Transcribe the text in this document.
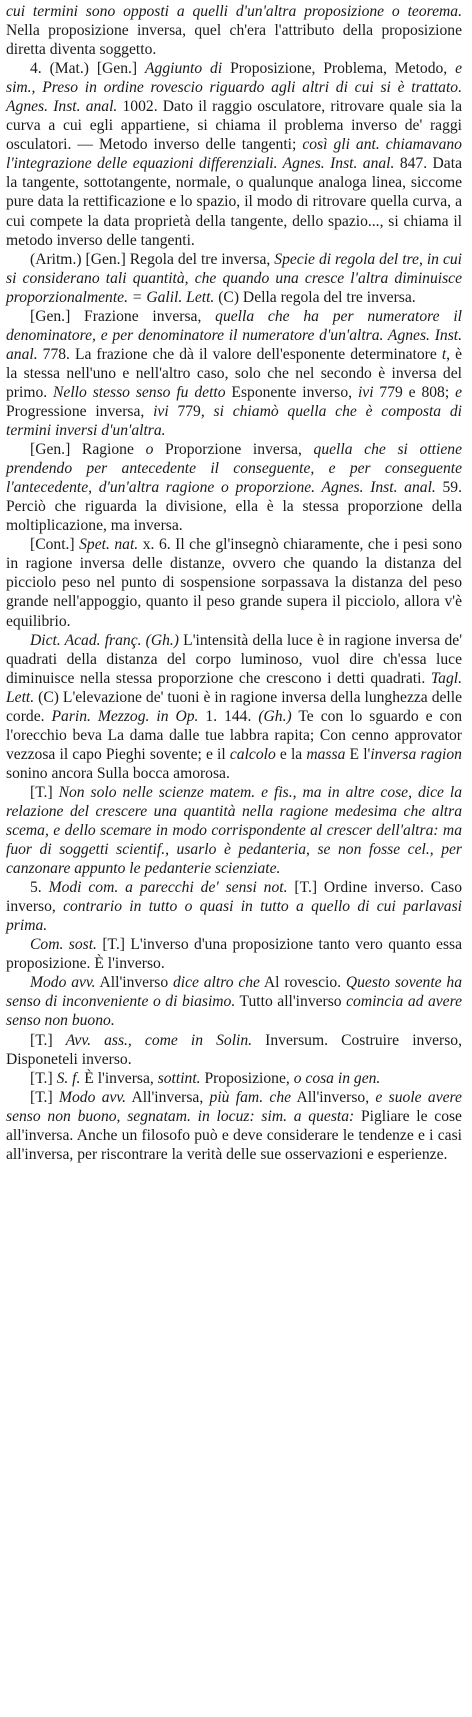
cui termini sono opposti a quelli d'un'altra proposizione o teorema. Nella proposizione inversa, quel ch'era l'attributo della proposizione diretta diventa soggetto.

4. (Mat.) [Gen.] Aggiunto di Proposizione, Problema, Metodo, e sim., Preso in ordine rovescio riguardo agli altri di cui si è trattato. Agnes. Inst. anal. 1002. Dato il raggio osculatore, ritrovare quale sia la curva a cui egli appartiene, si chiama il problema inverso de' raggi osculatori. — Metodo inverso delle tangenti; così gli ant. chiamavano l'integrazione delle equazioni differenziali. Agnes. Inst. anal. 847. Data la tangente, sottotangente, normale, o qualunque analoga linea, siccome pure data la rettificazione e lo spazio, il modo di ritrovare quella curva, a cui compete la data proprietà della tangente, dello spazio..., si chiama il metodo inverso delle tangenti.

(Aritm.) [Gen.] Regola del tre inversa, Specie di regola del tre, in cui si considerano tali quantità, che quando una cresce l'altra diminuisce proporzionalmente. = Galil. Lett. (C) Della regola del tre inversa.

[Gen.] Frazione inversa, quella che ha per numeratore il denominatore, e per denominatore il numeratore d'un'altra. Agnes. Inst. anal. 778. La frazione che dà il valore dell'esponente determinatore t, è la stessa nell'uno e nell'altro caso, solo che nel secondo è inversa del primo. Nello stesso senso fu detto Esponente inverso, ivi 779 e 808; e Progressione inversa, ivi 779, si chiamò quella che è composta di termini inversi d'un'altra.

[Gen.] Ragione o Proporzione inversa, quella che si ottiene prendendo per antecedente il conseguente, e per conseguente l'antecedente, d'un'altra ragione o proporzione. Agnes. Inst. anal. 59. Perciò che riguarda la divisione, ella è la stessa proporzione della moltiplicazione, ma inversa.

[Cont.] Spet. nat. x. 6. Il che gl'insegnò chiaramente, che i pesi sono in ragione inversa delle distanze, ovvero che quando la distanza del picciolo peso nel punto di sospensione sorpassava la distanza del peso grande nell'appoggio, quanto il peso grande supera il picciolo, allora v'è equilibrio.

Dict. Acad. franç. (Gh.) L'intensità della luce è in ragione inversa de' quadrati della distanza del corpo luminoso, vuol dire ch'essa luce diminuisce nella stessa proporzione che crescono i detti quadrati. Tagl. Lett. (C) L'elevazione de' tuoni è in ragione inversa della lunghezza delle corde. Parin. Mezzog. in Op. 1. 144. (Gh.) Te con lo sguardo e con l'orecchio beva La dama dalle tue labbra rapita; Con cenno approvator vezzosa il capo Pieghi sovente; e il calcolo e la massa E l'inversa ragion sonino ancora Sulla bocca amorosa.

[T.] Non solo nelle scienze matem. e fis., ma in altre cose, dice la relazione del crescere una quantità nella ragione medesima che altra scema, e dello scemare in modo corrispondente al crescer dell'altra: ma fuor di soggetti scientif., usarlo è pedanteria, se non fosse cel., per canzonare appunto le pedanterie scienziate.

5. Modi com. a parecchi de' sensi not. [T.] Ordine inverso. Caso inverso, contrario in tutto o quasi in tutto a quello di cui parlavasi prima.

Com. sost. [T.] L'inverso d'una proposizione tanto vero quanto essa proposizione. È l'inverso.

Modo avv. All'inverso dice altro che Al rovescio. Questo sovente ha senso di inconveniente o di biasimo. Tutto all'inverso comincia ad avere senso non buono.

[T.] Avv. ass., come in Solin. Inversum. Costruire inverso, Disponeteli inverso.

[T.] S. f. È l'inversa, sottint. Proposizione, o cosa in gen.

[T.] Modo avv. All'inversa, più fam. che All'inverso, e suole avere senso non buono, segnatam. in locuz: sim. a questa: Pigliare le cose all'inversa. Anche un filosofo può e deve considerare le tendenze e i casi all'inversa, per riscontrare la verità delle sue osservazioni e esperienze.
